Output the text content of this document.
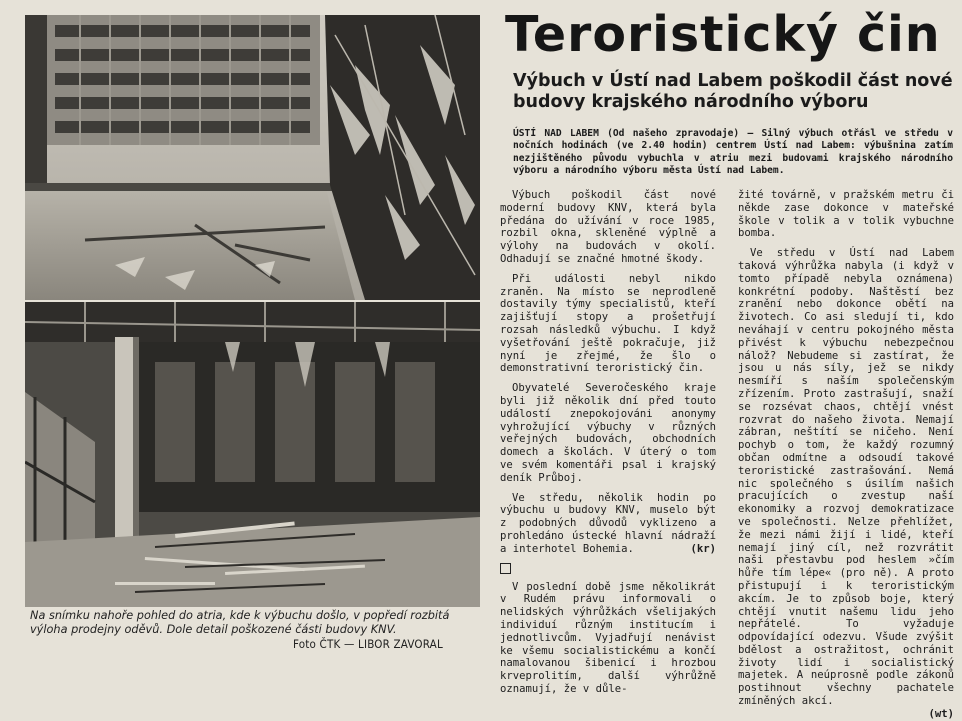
Na snímku nahoře pohled do atria, kde k výbuchu došlo, v popředí rozbitá výloha prodejny oděvů. Dole detail poškozené části budovy KNV.
Foto ČTK — LIBOR ZAVORAL
Teroristický čin
Výbuch v Ústí nad Labem poškodil část nové budovy krajského národního výboru
ÚSTÍ NAD LABEM (Od našeho zpravodaje) — Silný výbuch otřásl ve středu v nočních hodinách (ve 2.40 hodin) centrem Ústí nad Labem: výbušnina zatím nezjištěného původu vybuchla v atriu mezi budovami krajského národního výboru a národního výboru města Ústí nad Labem.

Výbuch poškodil část nové moderní budovy KNV, která byla předána do užívání v roce 1985, rozbil okna, skleněné výplně a výlohy na budovách v okolí. Odhadují se značné hmotné škody.

Při události nebyl nikdo zraněn. Na místo se neprodleně dostavily týmy specialistů, kteří zajišťují stopy a prošetřují rozsah následků výbuchu. I když vyšetřování ještě pokračuje, již nyní je zřejmé, že šlo o demonstrativní teroristický čin.

Obyvatelé Severočeského kraje byli již několik dní před touto událostí znepokojováni anonymy vyhrožující výbuchy v různých veřejných budovách, obchodních domech a školách. V úterý o tom ve svém komentáři psal i krajský deník Průboj.

Ve středu, několik hodin po výbuchu u budovy KNV, muselo být z podobných důvodů vyklizeno a prohledáno ústecké hlavní nádraží a interhotel Bohemia.	(kr)

V poslední době jsme několikrát v Rudém právu informovali o nelidských výhrůžkách všelijakých individuí různým institucím i jednotlivcům. Vyjadřují nenávist ke všemu socialistickému a končí namalovanou šibenicí i hrozbou krveprolitím, další výhrůžně oznamují, že v důle-

žité továrně, v pražském metru či někde zase dokonce v mateřské škole v tolik a v tolik vybuchne bomba.

Ve středu v Ústí nad Labem taková výhrůžka nabyla (i když v tomto případě nebyla oznámena) konkrétní podoby. Naštěstí bez zranění nebo dokonce obětí na životech. Co asi sledují ti, kdo neváhají v centru pokojného města přivést k výbuchu nebezpečnou nálož? Nebudeme si zastírat, že jsou u nás síly, jež se nikdy nesmíří s naším společenským zřízením. Proto zastrašují, snaží se rozsévat chaos, chtějí vnést rozvrat do našeho života. Nemají zábran, neštítí se ničeho. Není pochyb o tom, že každý rozumný občan odmítne a odsoudí takové teroristické zastrašování. Nemá nic společného s úsilím našich pracujících o zvestup naší ekonomiky a rozvoj demokratizace ve společnosti. Nelze přehlížet, že mezi námi žijí i lidé, kteří nemají jiný cíl, než rozvrátit naši přestavbu pod heslem »čím hůře tím lépe« (pro ně). A proto přistupují i k teroristickým akcím. Je to způsob boje, který chtějí vnutit našemu lidu jeho nepřátelé. To vyžaduje odpovídající odezvu. Všude zvýšit bdělost a ostražitost, ochránit životy lidí i socialistický majetek. A neúprosně podle zákonů postihnout všechny pachatele zmíněných akcí.

(wt)
